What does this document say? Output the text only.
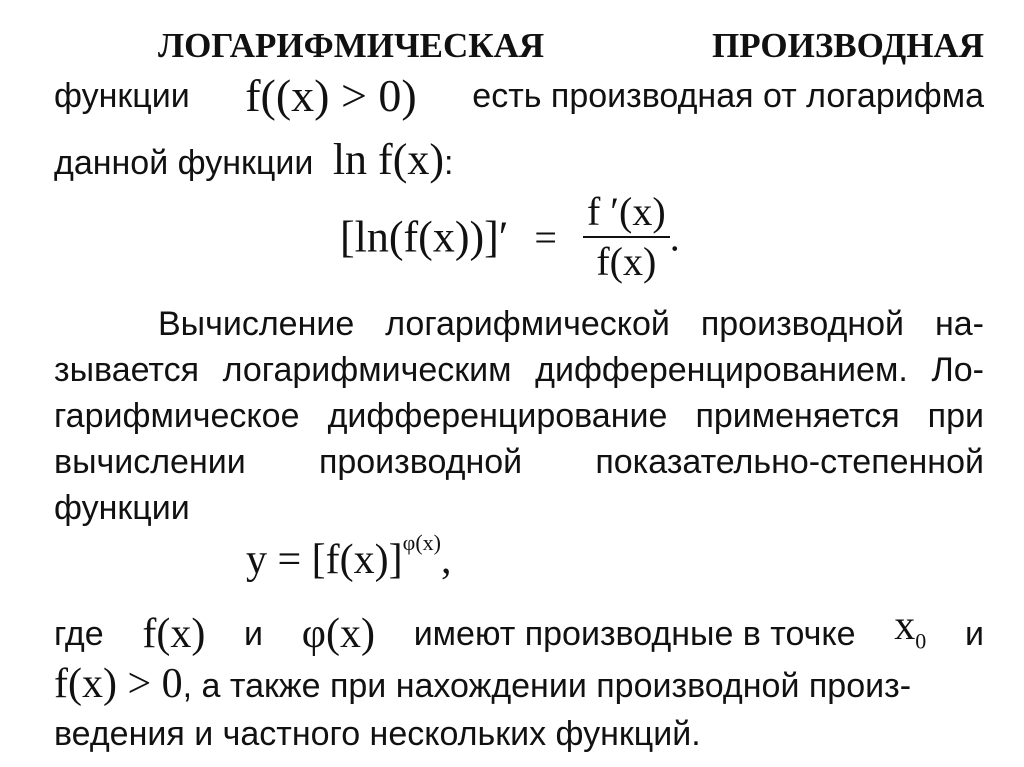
ЛОГАРИФМИЧЕСКАЯ	ПРОИЗВОДНАЯ
функции f((x) > 0) есть производная от логарифма
данной функции ln f(x):
$[\ln(f(x))]' = \frac{f '(x)}{f(x)}$ .
Вычисление логарифмической производной на-
зывается логарифмическим дифференцированием. Ло-
гарифмическое дифференцирование применяется при
вычислении производной показательно-степенной
функции
$y = [f(x)]^{\varphi(x)}$,
где f(x) и φ(x) имеют производные в точке $x_0$ и
f(x) > 0, а также при нахождении производной произ-
ведения и частного нескольких функций.
